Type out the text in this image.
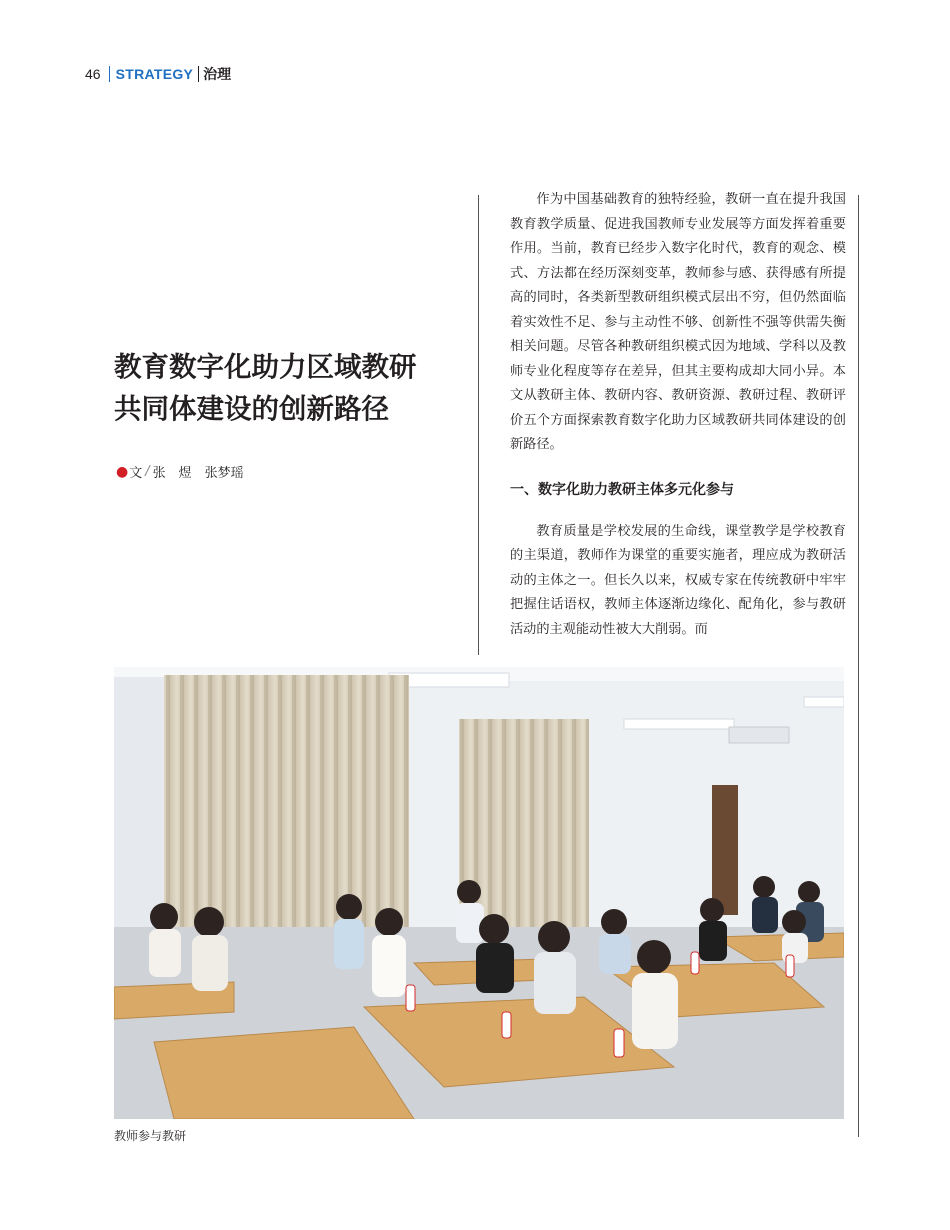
46 STRATEGY 治理
教育数字化助力区域教研
共同体建设的创新路径
● 文 / 张　煜　张梦瑶

作为中国基础教育的独特经验，教研一直在提升我国教育教学质量、促进我国教师专业发展等方面发挥着重要作用。当前，教育已经步入数字化时代，教育的观念、模式、方法都在经历深刻变革，教师参与感、获得感有所提高的同时，各类新型教研组织模式层出不穷，但仍然面临着实效性不足、参与主动性不够、创新性不强等供需失衡相关问题。尽管各种教研组织模式因为地域、学科以及教师专业化程度等存在差异，但其主要构成却大同小异。本文从教研主体、教研内容、教研资源、教研过程、教研评价五个方面探索教育数字化助力区域教研共同体建设的创新路径。

一、数字化助力教研主体多元化参与

教育质量是学校发展的生命线，课堂教学是学校教育的主渠道，教师作为课堂的重要实施者，理应成为教研活动的主体之一。但长久以来，权威专家在传统教研中牢牢把握住话语权，教师主体逐渐边缘化、配角化，参与教研活动的主观能动性被大大削弱。而

教师参与教研
